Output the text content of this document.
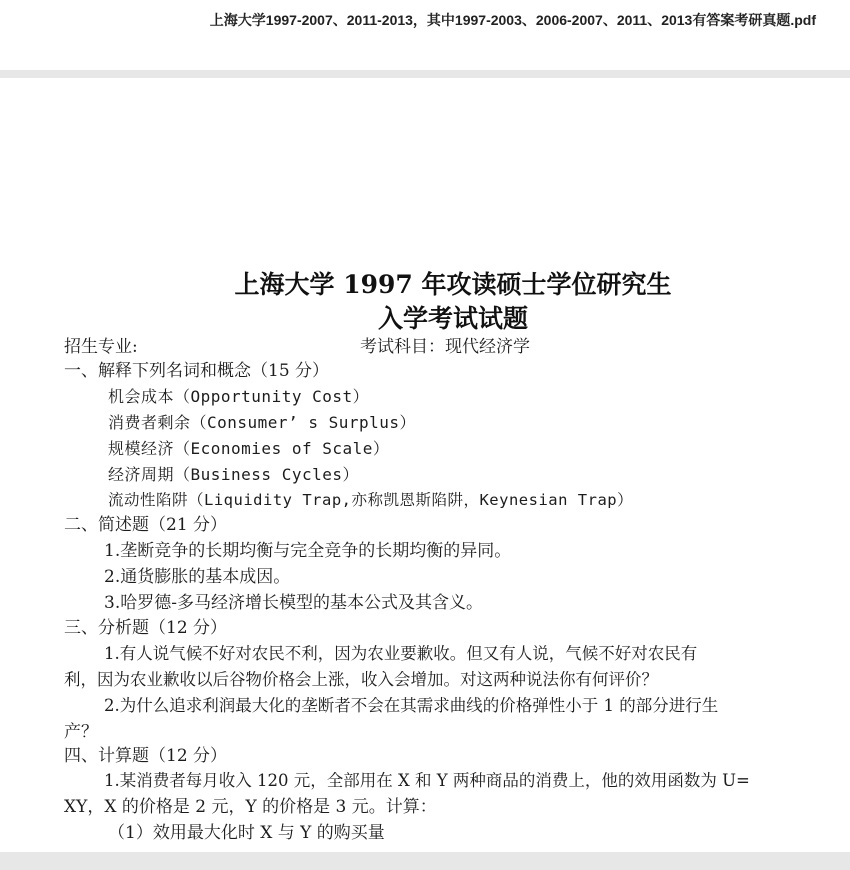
上海大学1997-2007、2011-2013，其中1997-2003、2006-2007、2011、2013有答案考研真题.pdf
上海大学 1997 年攻读硕士学位研究生
入学考试试题
招生专业:	考试科目：现代经济学
一、解释下列名词和概念（15 分）
机会成本（Opportunity Cost）
消费者剩余（Consumer’ s Surplus）
规模经济（Economies of Scale）
经济周期（Business Cycles）
流动性陷阱（Liquidity Trap,亦称凯恩斯陷阱，Keynesian Trap）
二、简述题（21 分）
1.垄断竞争的长期均衡与完全竞争的长期均衡的异同。
2.通货膨胀的基本成因。
3.哈罗德-多马经济增长模型的基本公式及其含义。
三、分析题（12 分）
1.有人说气候不好对农民不利，因为农业要歉收。但又有人说，气候不好对农民有
利，因为农业歉收以后谷物价格会上涨，收入会增加。对这两种说法你有何评价？
2.为什么追求利润最大化的垄断者不会在其需求曲线的价格弹性小于 1 的部分进行生
产？
四、计算题（12 分）
1.某消费者每月收入 120 元，全部用在 X 和 Y 两种商品的消费上，他的效用函数为 U=
XY，X 的价格是 2 元，Y 的价格是 3 元。计算：
（1）效用最大化时 X 与 Y 的购买量
